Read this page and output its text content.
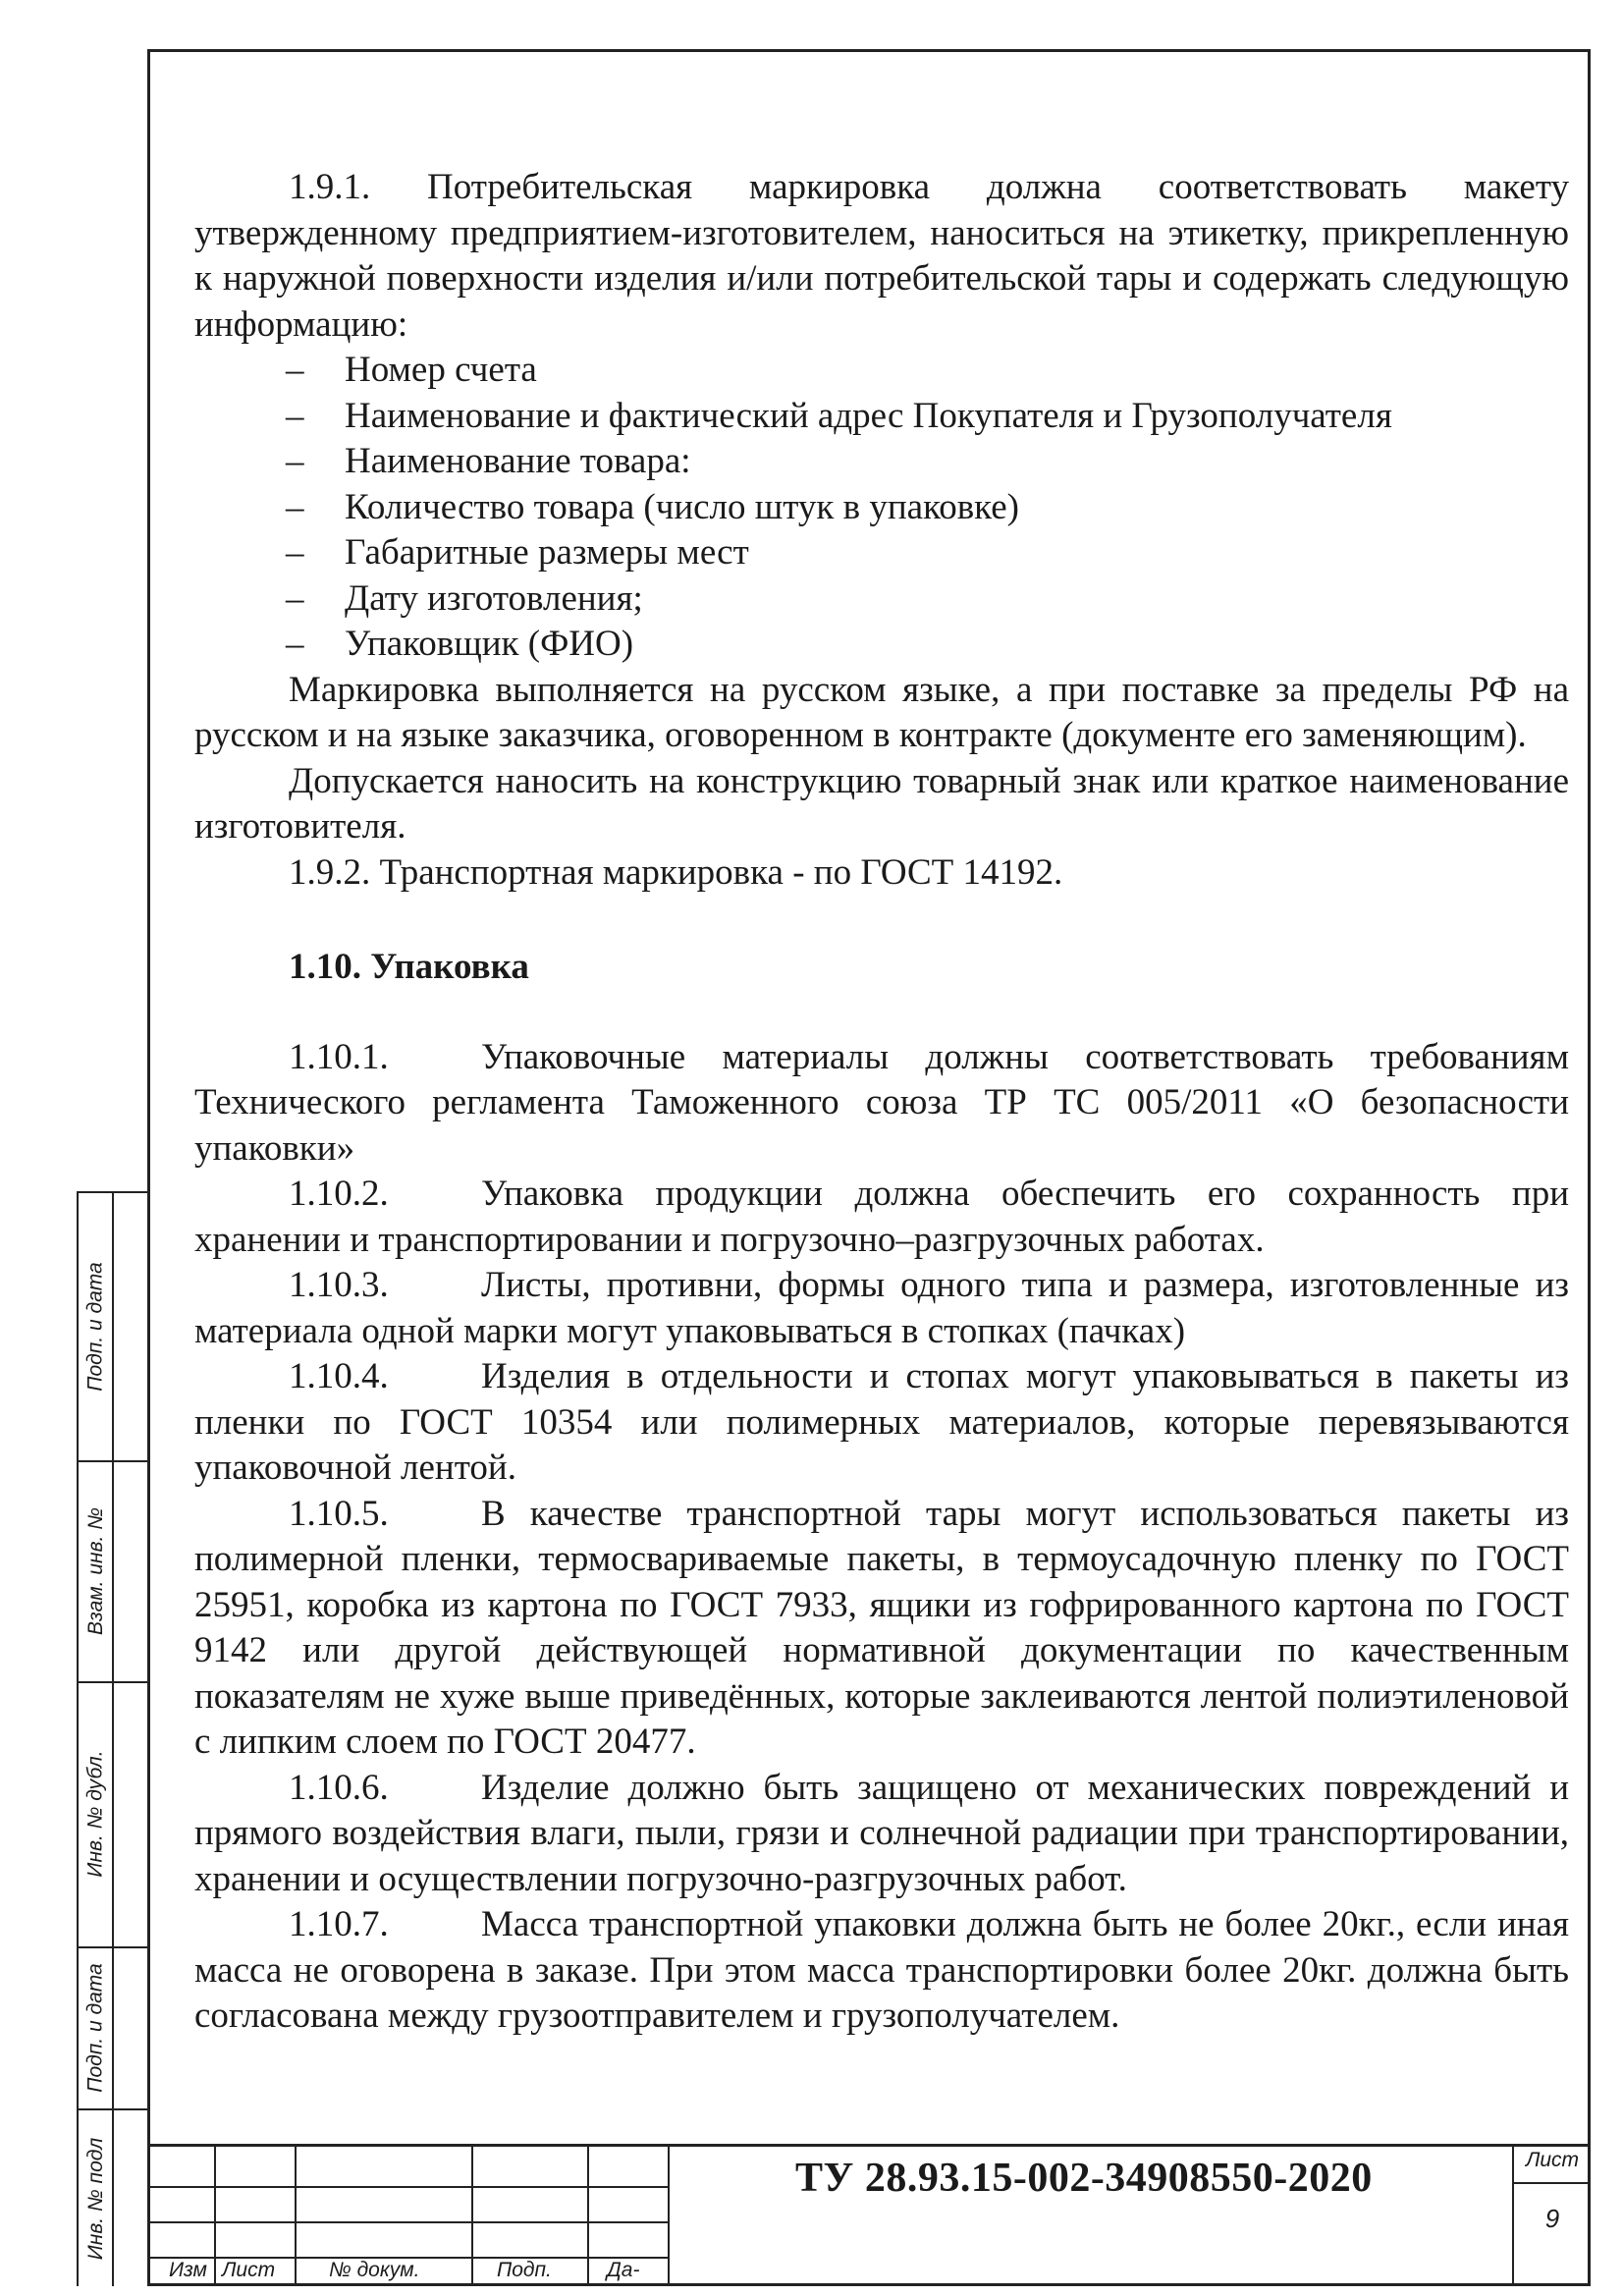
1.9.1. Потребительская маркировка должна соответствовать макету утвержденному предприятием-изготовителем, наноситься на этикетку, прикрепленную к наружной поверхности изделия и/или потребительской тары и содержать следующую информацию:

– Номер счета
– Наименование и фактический адрес Покупателя и Грузополучателя
– Наименование товара:
– Количество товара (число штук в упаковке)
– Габаритные размеры мест
– Дату изготовления;
– Упаковщик (ФИО)

Маркировка выполняется на русском языке, а при поставке за пределы РФ на русском и на языке заказчика, оговоренном в контракте (документе его заменяющим).

Допускается наносить на конструкцию товарный знак или краткое наименование изготовителя.

1.9.2. Транспортная маркировка - по ГОСТ 14192.

1.10. Упаковка

1.10.1.	Упаковочные материалы должны соответствовать требованиям Технического регламента Таможенного союза ТР ТС 005/2011 «О безопасности упаковки»

1.10.2.	Упаковка продукции должна обеспечить его сохранность при хранении и транспортировании и погрузочно–разгрузочных работах.

1.10.3.	Листы, противни, формы одного типа и размера, изготовленные из материала одной марки могут упаковываться в стопках (пачках)

1.10.4.	Изделия в отдельности и стопах могут упаковываться в пакеты из пленки по ГОСТ 10354 или полимерных материалов, которые перевязываются упаковочной лентой.

1.10.5.	В качестве транспортной тары могут использоваться пакеты из полимерной пленки, термосвариваемые пакеты, в термоусадочную пленку по ГОСТ 25951, коробка из картона по ГОСТ 7933, ящики из гофрированного картона по ГОСТ 9142 или другой действующей нормативной документации по качественным показателям не хуже выше приведённых, которые заклеиваются лентой полиэтиленовой с липким слоем по ГОСТ 20477.

1.10.6.	Изделие должно быть защищено от механических повреждений и прямого воздействия влаги, пыли, грязи и солнечной радиации при транспортировании, хранении и осуществлении погрузочно-разгрузочных работ.

1.10.7.	Масса транспортной упаковки должна быть не более 20кг., если иная масса не оговорена в заказе. При этом масса транспортировки более 20кг. должна быть согласована между грузоотправителем и грузополучателем.

Подп. и дата
Взам. инв. №
Инв. № дубл.
Подп. и дата
Инв. № подл
Изм Лист	№ докум.	Подп.	Да-
ТУ 28.93.15-002-34908550-2020	Лист
9
